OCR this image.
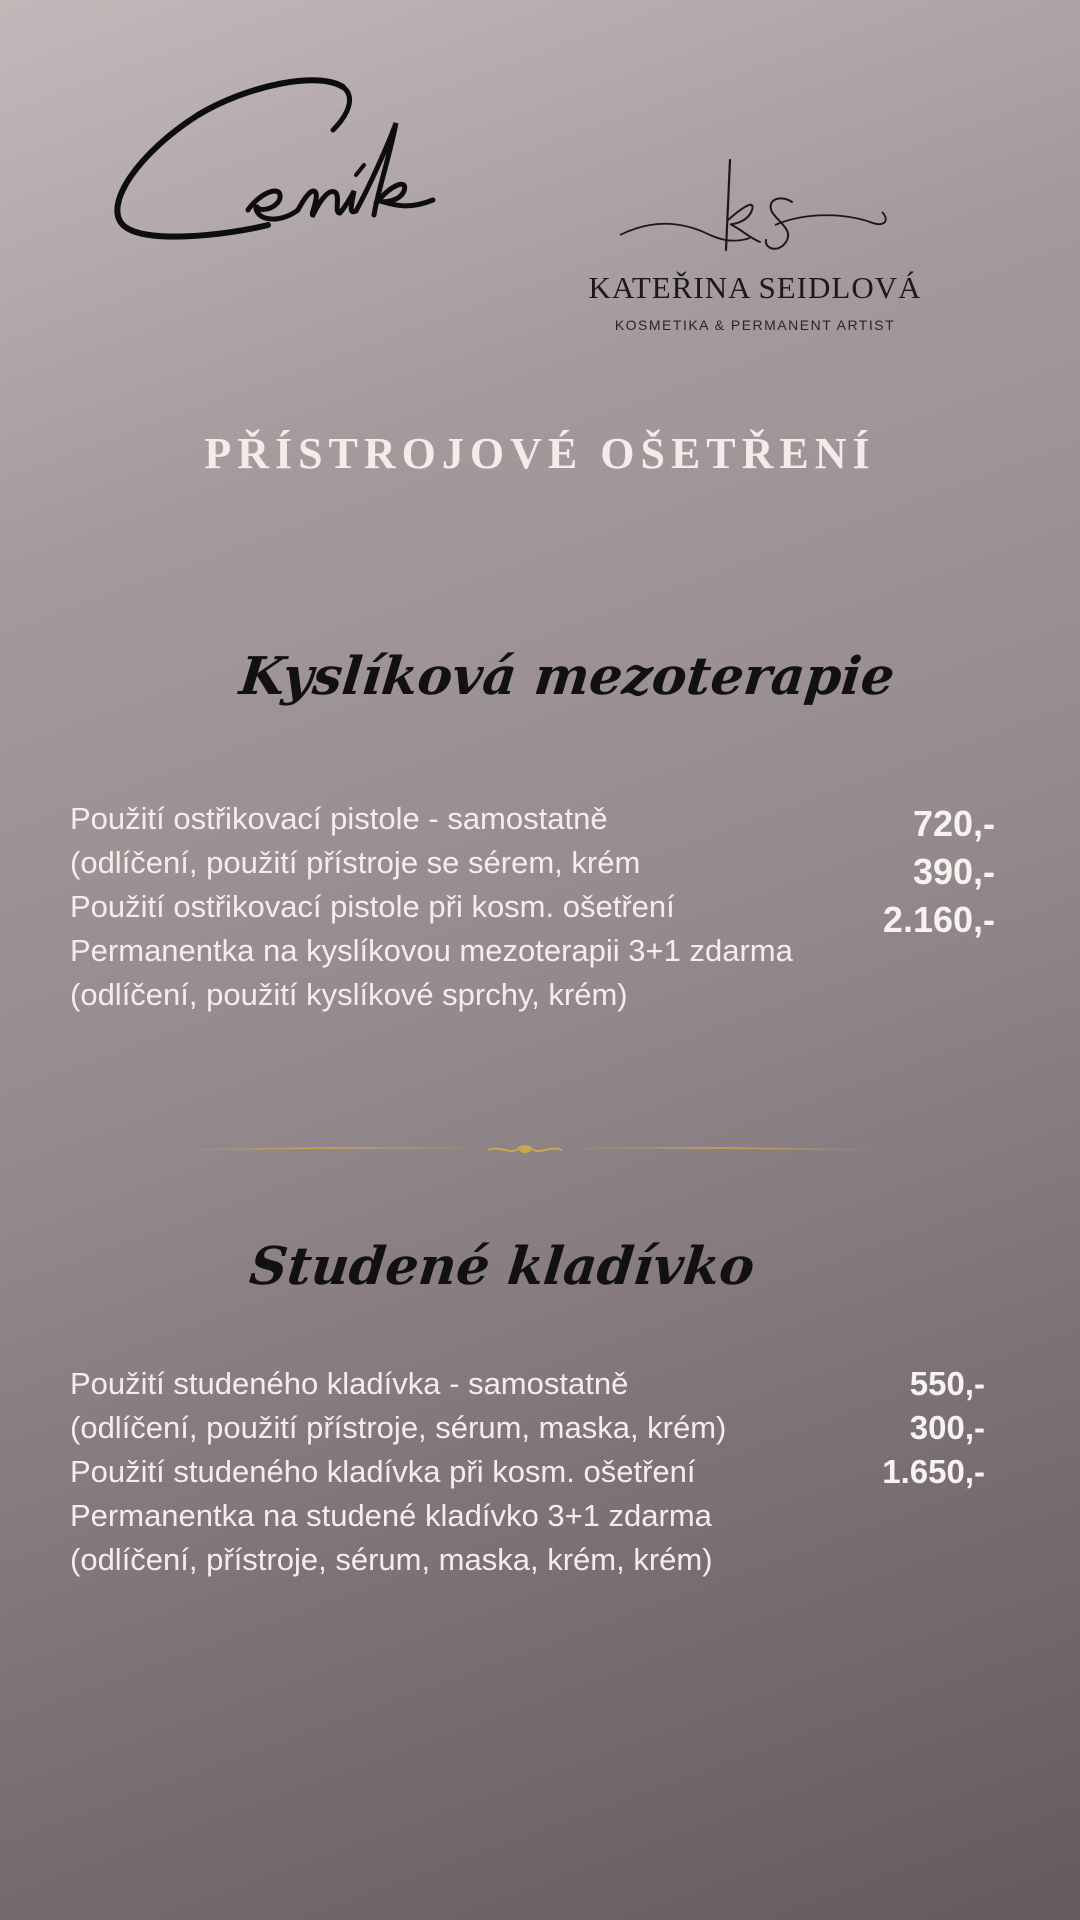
KATEŘINA SEIDLOVÁ
KOSMETIKA & PERMANENT ARTIST
PŘÍSTROJOVÉ OŠETŘENÍ
Kyslíková mezoterapie
Použití ostřikovací pistole - samostatně
(odlíčení, použití přístroje se sérem, krém
Použití ostřikovací pistole při kosm. ošetření
Permanentka na kyslíkovou mezoterapii 3+1 zdarma
(odlíčení, použití kyslíkové sprchy, krém)
720,-
390,-
2.160,-
Studené kladívko
Použití studeného kladívka - samostatně
(odlíčení, použití přístroje, sérum, maska, krém)
Použití studeného kladívka při kosm. ošetření
Permanentka na studené kladívko 3+1 zdarma
(odlíčení, přístroje, sérum, maska, krém, krém)
550,-
300,-
1.650,-
